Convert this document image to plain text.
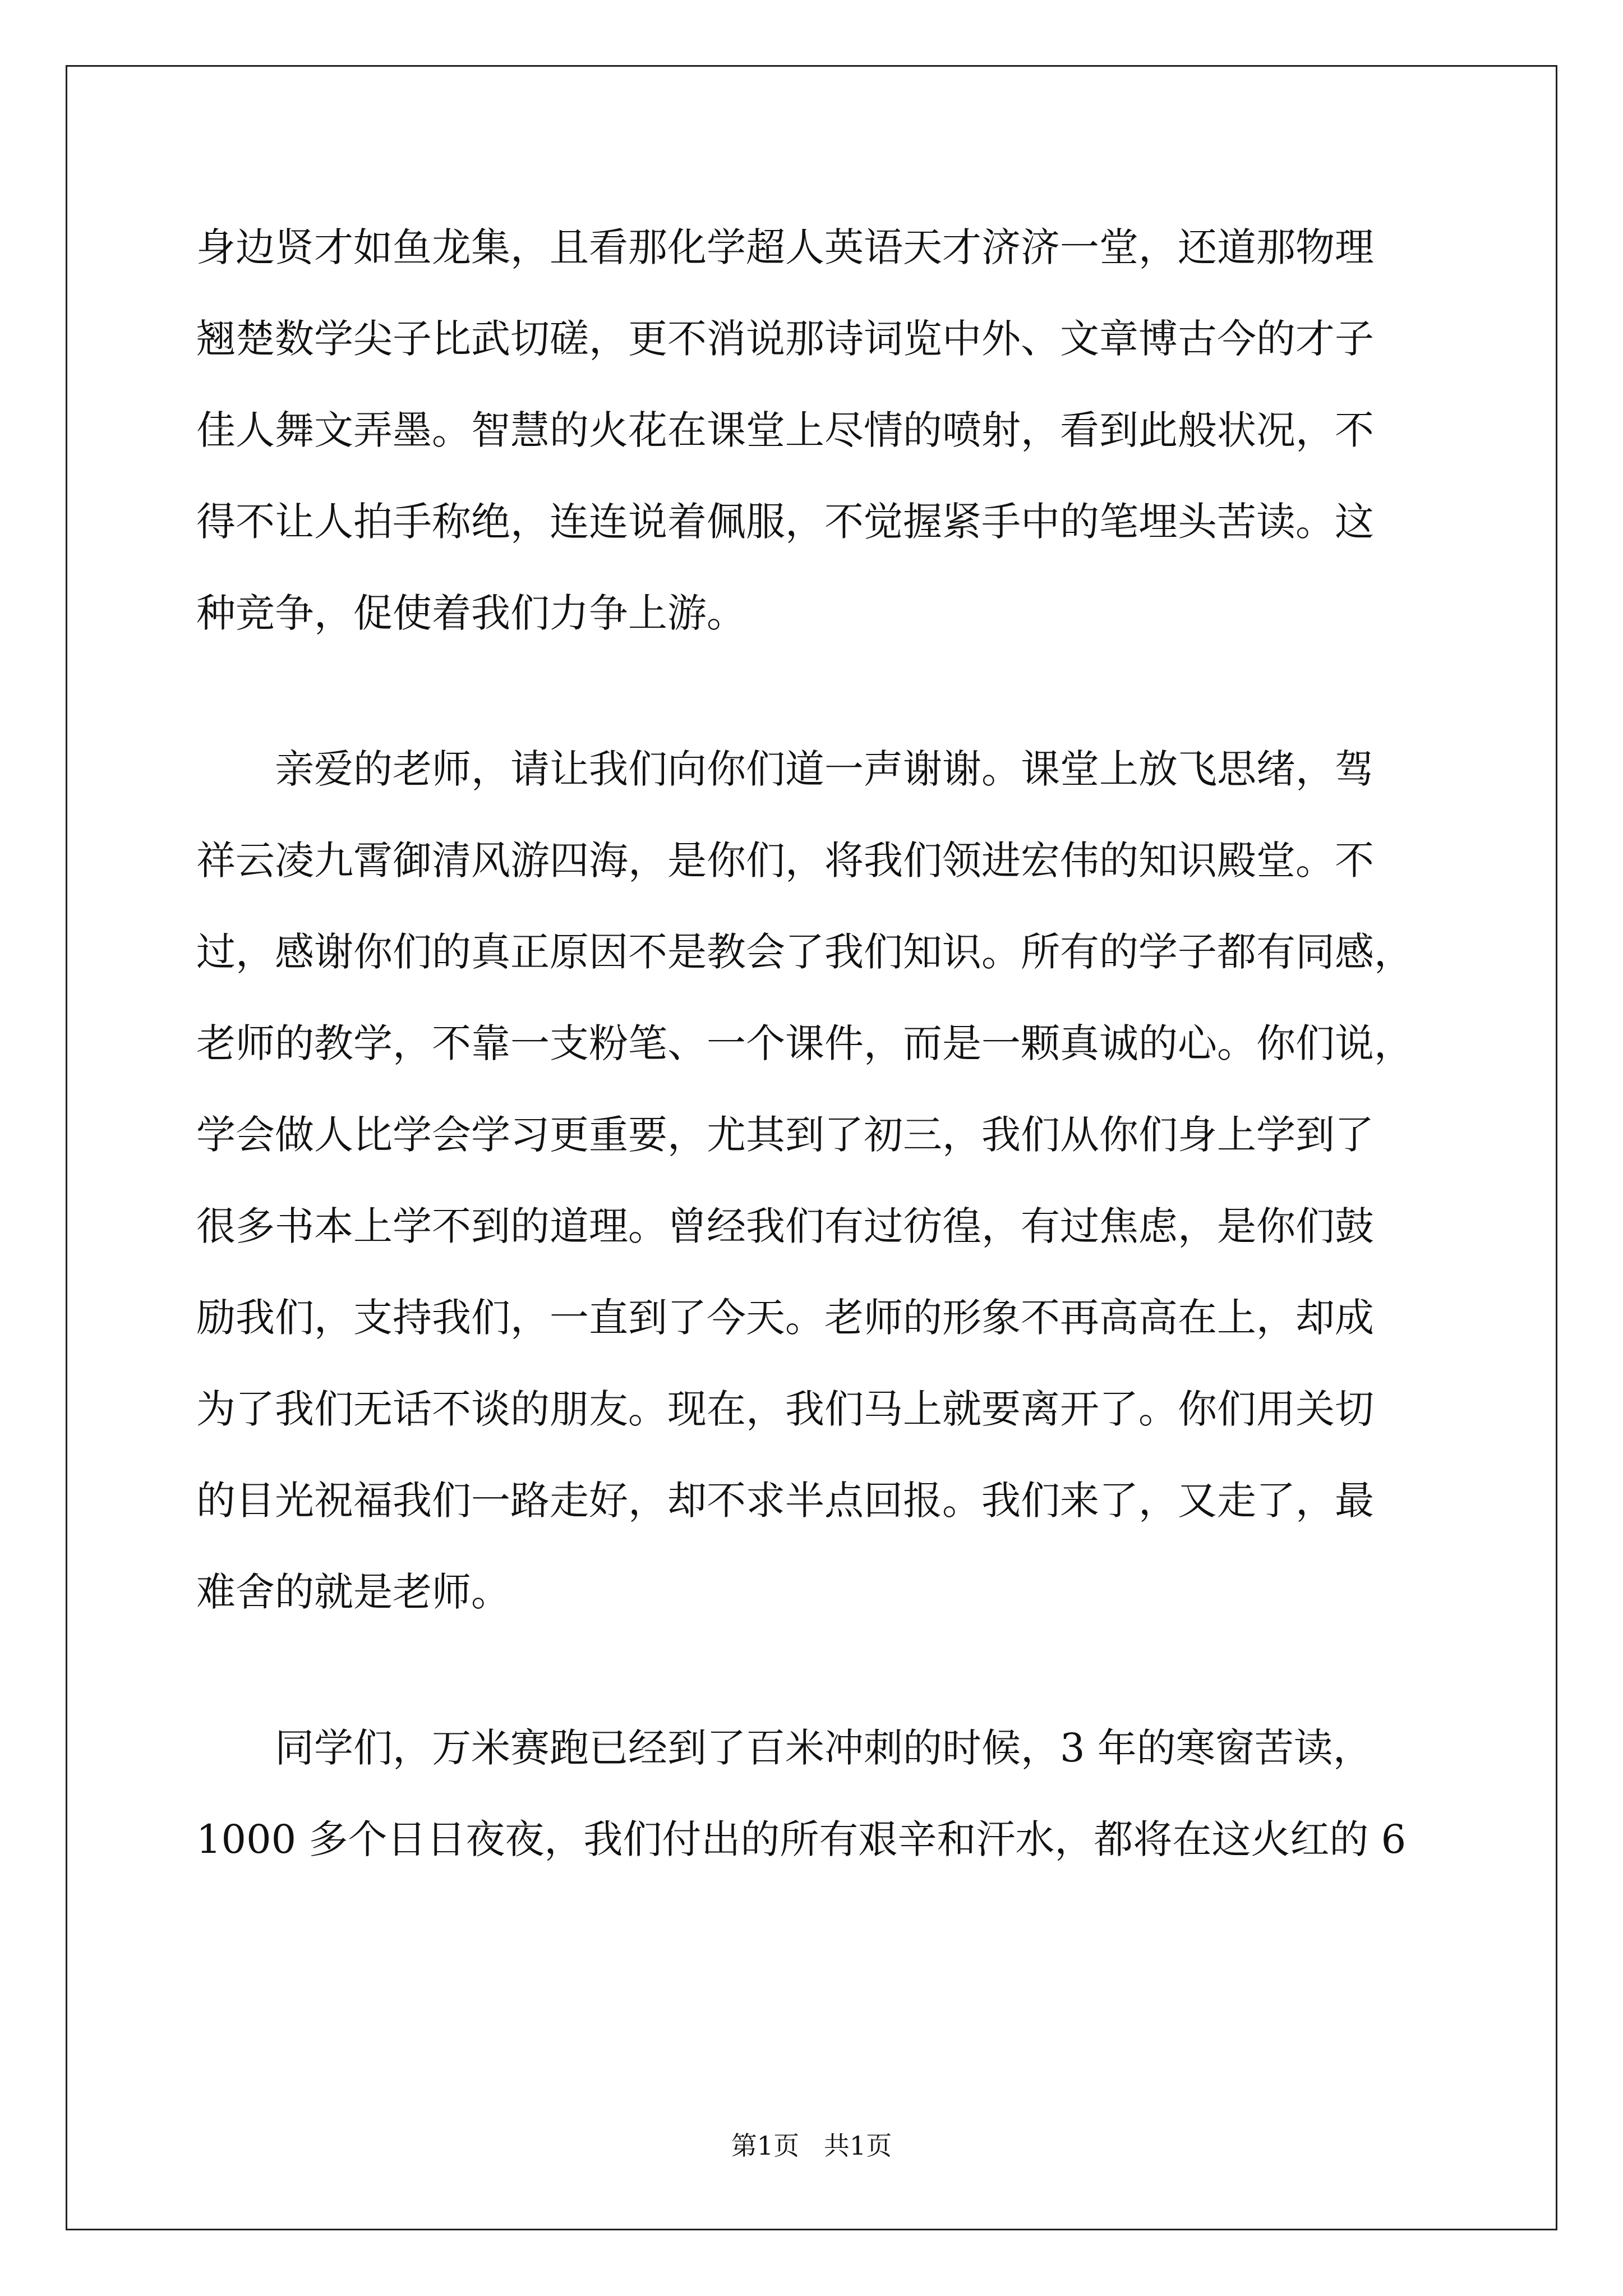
身边贤才如鱼龙集，且看那化学超人英语天才济济一堂，还道那物理
翘楚数学尖子比武切磋，更不消说那诗词览中外、文章博古今的才子
佳人舞文弄墨。智慧的火花在课堂上尽情的喷射，看到此般状况，不
得不让人拍手称绝，连连说着佩服，不觉握紧手中的笔埋头苦读。这
种竞争，促使着我们力争上游。
亲爱的老师，请让我们向你们道一声谢谢。课堂上放飞思绪，驾
祥云凌九霄御清风游四海，是你们，将我们领进宏伟的知识殿堂。不
过，感谢你们的真正原因不是教会了我们知识。所有的学子都有同感，
老师的教学，不靠一支粉笔、一个课件，而是一颗真诚的心。你们说，
学会做人比学会学习更重要，尤其到了初三，我们从你们身上学到了
很多书本上学不到的道理。曾经我们有过彷徨，有过焦虑，是你们鼓
励我们，支持我们，一直到了今天。老师的形象不再高高在上，却成
为了我们无话不谈的朋友。现在，我们马上就要离开了。你们用关切
的目光祝福我们一路走好，却不求半点回报。我们来了，又走了，最
难舍的就是老师。
同学们，万米赛跑已经到了百米冲刺的时候，3 年的寒窗苦读，
1000 多个日日夜夜，我们付出的所有艰辛和汗水，都将在这火红的 6
第1页   共1页
